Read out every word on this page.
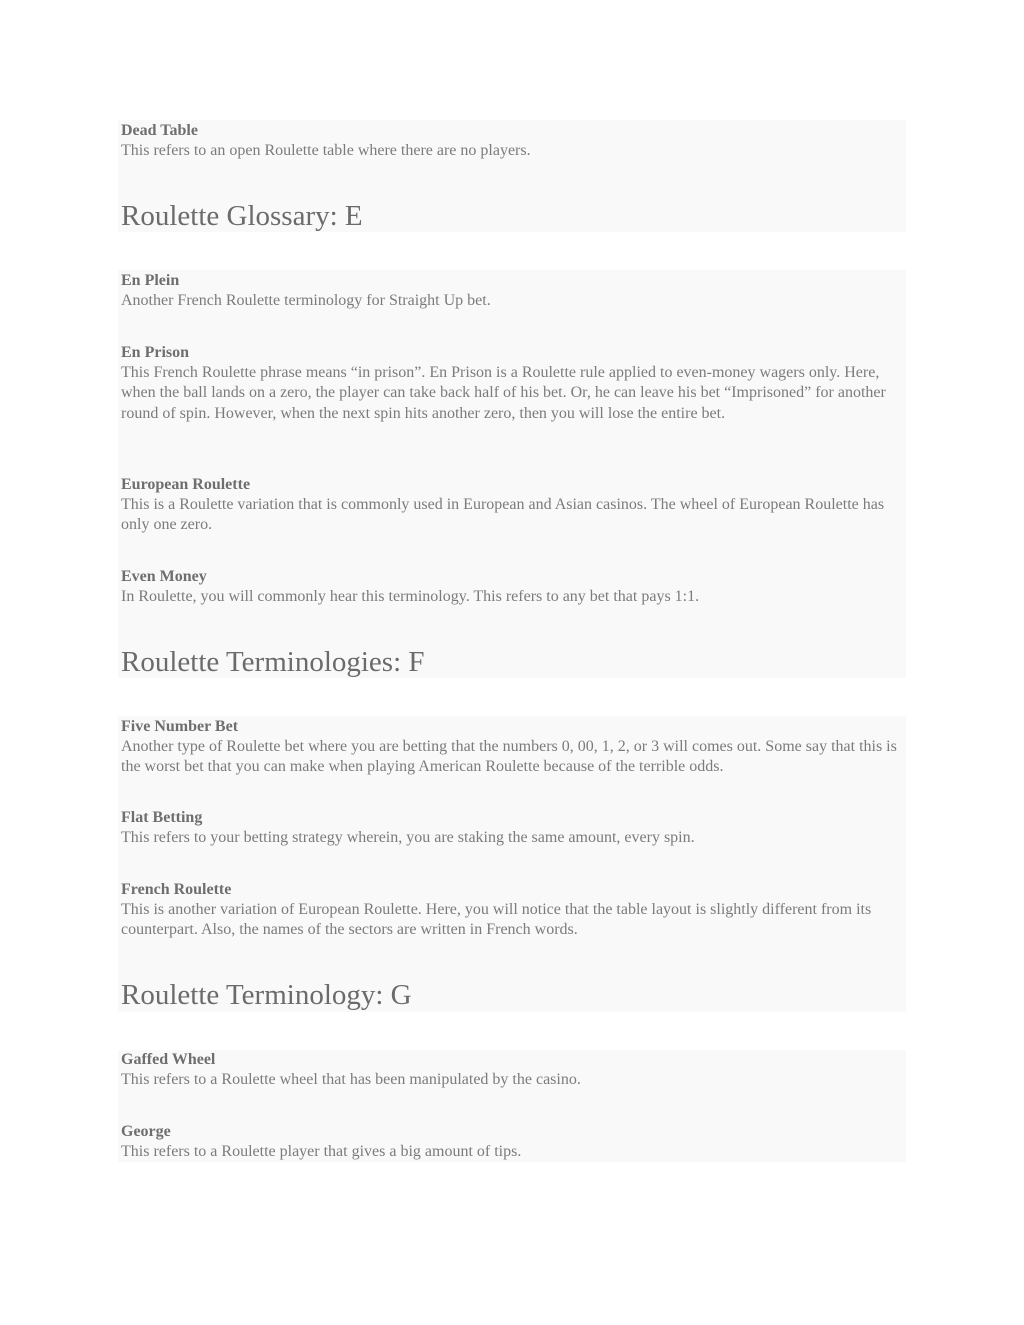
Dead Table
This refers to an open Roulette table where there are no players.
Roulette Glossary: E
En Plein
Another French Roulette terminology for Straight Up bet.
En Prison
This French Roulette phrase means “in prison”. En Prison is a Roulette rule applied to even-money wagers only. Here, when the ball lands on a zero, the player can take back half of his bet. Or, he can leave his bet “Imprisoned” for another round of spin. However, when the next spin hits another zero, then you will lose the entire bet.
European Roulette
This is a Roulette variation that is commonly used in European and Asian casinos. The wheel of European Roulette has only one zero.
Even Money
In Roulette, you will commonly hear this terminology. This refers to any bet that pays 1:1.
Roulette Terminologies: F
Five Number Bet
Another type of Roulette bet where you are betting that the numbers 0, 00, 1, 2, or 3 will comes out. Some say that this is the worst bet that you can make when playing American Roulette because of the terrible odds.
Flat Betting
This refers to your betting strategy wherein, you are staking the same amount, every spin.
French Roulette
This is another variation of European Roulette. Here, you will notice that the table layout is slightly different from its counterpart. Also, the names of the sectors are written in French words.
Roulette Terminology: G
Gaffed Wheel
This refers to a Roulette wheel that has been manipulated by the casino.
George
This refers to a Roulette player that gives a big amount of tips.
